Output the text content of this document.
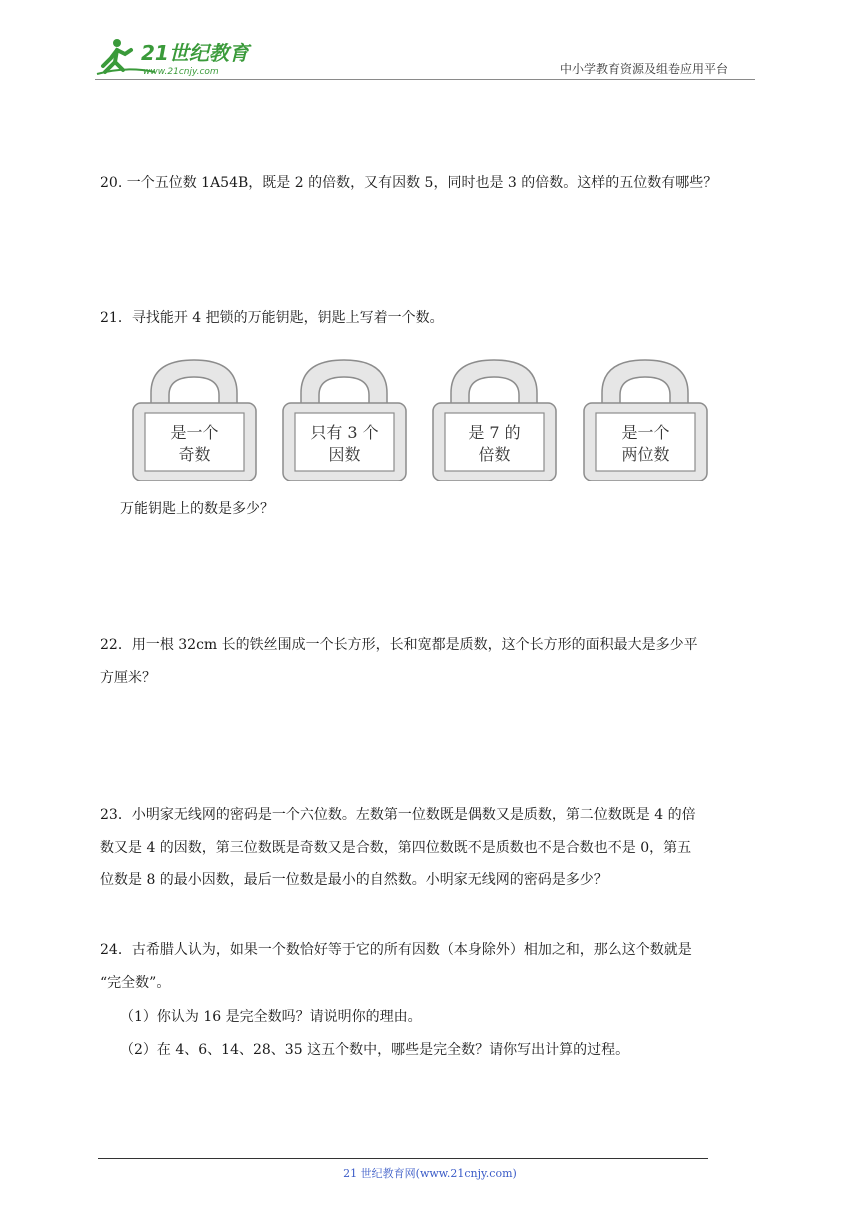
21世纪教育
www.21cnjy.com	中小学教育资源及组卷应用平台
20. 一个五位数 1A54B，既是 2 的倍数，又有因数 5，同时也是 3 的倍数。这样的五位数有哪些？
21．寻找能开 4 把锁的万能钥匙，钥匙上写着一个数。
是一个
奇数
只有 3 个
因数
是 7 的
倍数
是一个
两位数
万能钥匙上的数是多少？
22．用一根 32cm 长的铁丝围成一个长方形，长和宽都是质数，这个长方形的面积最大是多少平
方厘米？
23．小明家无线网的密码是一个六位数。左数第一位数既是偶数又是质数，第二位数既是 4 的倍
数又是 4 的因数，第三位数既是奇数又是合数，第四位数既不是质数也不是合数也不是 0，第五
位数是 8 的最小因数，最后一位数是最小的自然数。小明家无线网的密码是多少？
24．古希腊人认为，如果一个数恰好等于它的所有因数（本身除外）相加之和，那么这个数就是
“完全数”。
（1）你认为 16 是完全数吗？请说明你的理由。
（2）在 4、6、14、28、35 这五个数中，哪些是完全数？请你写出计算的过程。
21 世纪教育网(www.21cnjy.com)
